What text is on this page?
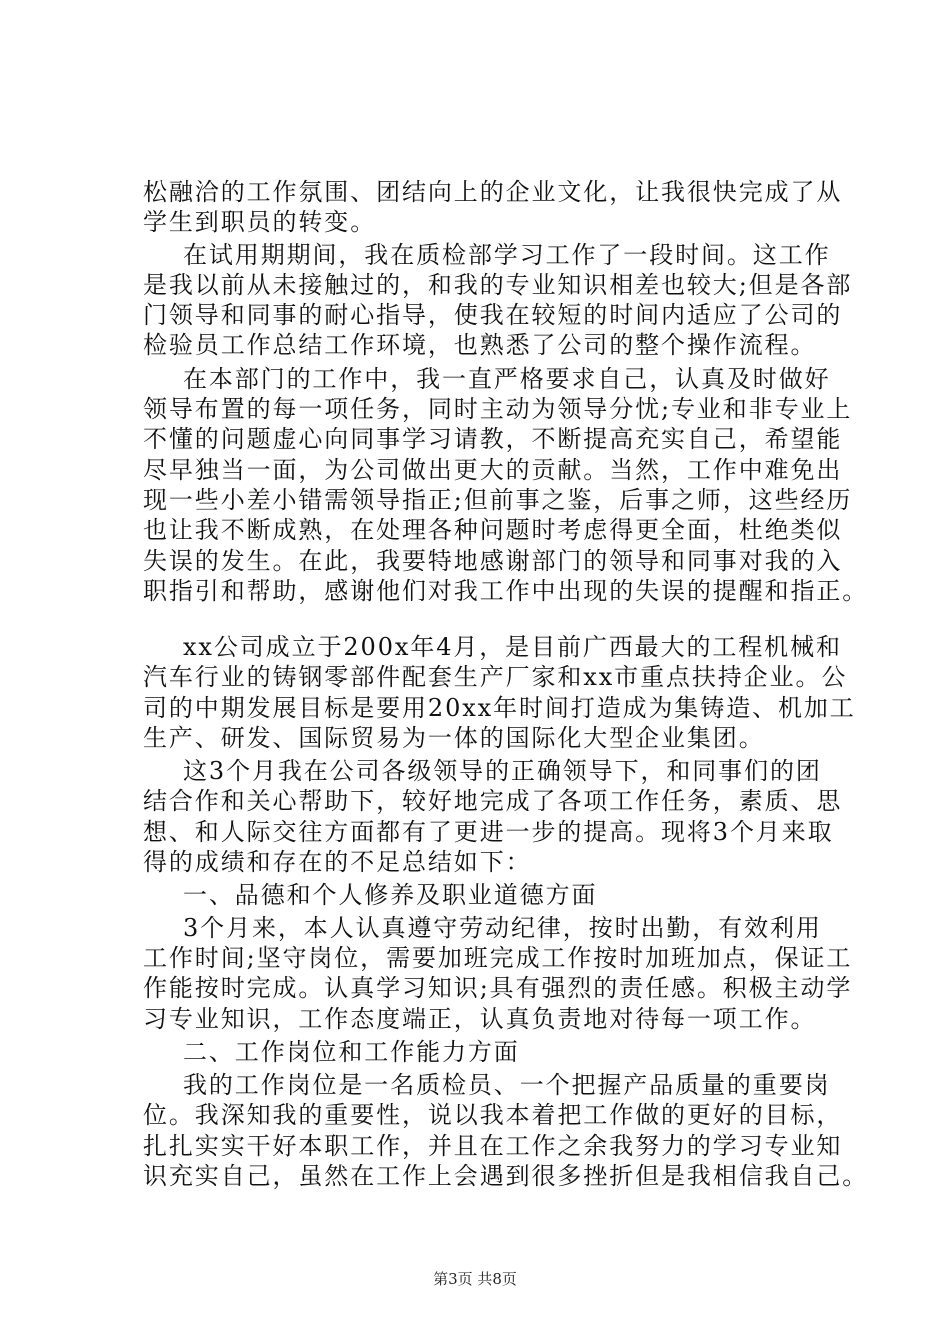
松融洽的工作氛围、团结向上的企业文化，让我很快完成了从
学生到职员的转变。
在试用期期间，我在质检部学习工作了一段时间。这工作
是我以前从未接触过的，和我的专业知识相差也较大;但是各部
门领导和同事的耐心指导，使我在较短的时间内适应了公司的
检验员工作总结工作环境，也熟悉了公司的整个操作流程。
在本部门的工作中，我一直严格要求自己，认真及时做好
领导布置的每一项任务，同时主动为领导分忧;专业和非专业上
不懂的问题虚心向同事学习请教，不断提高充实自己，希望能
尽早独当一面，为公司做出更大的贡献。当然，工作中难免出
现一些小差小错需领导指正;但前事之鉴，后事之师，这些经历
也让我不断成熟，在处理各种问题时考虑得更全面，杜绝类似
失误的发生。在此，我要特地感谢部门的领导和同事对我的入
职指引和帮助，感谢他们对我工作中出现的失误的提醒和指正。
xx公司成立于200x年4月，是目前广西最大的工程机械和
汽车行业的铸钢零部件配套生产厂家和xx市重点扶持企业。公
司的中期发展目标是要用20xx年时间打造成为集铸造、机加工
生产、研发、国际贸易为一体的国际化大型企业集团。
这3个月我在公司各级领导的正确领导下，和同事们的团
结合作和关心帮助下，较好地完成了各项工作任务，素质、思
想、和人际交往方面都有了更进一步的提高。现将3个月来取
得的成绩和存在的不足总结如下：
一、品德和个人修养及职业道德方面
3个月来，本人认真遵守劳动纪律，按时出勤，有效利用
工作时间;坚守岗位，需要加班完成工作按时加班加点，保证工
作能按时完成。认真学习知识;具有强烈的责任感。积极主动学
习专业知识，工作态度端正，认真负责地对待每一项工作。
二、工作岗位和工作能力方面
我的工作岗位是一名质检员、一个把握产品质量的重要岗
位。我深知我的重要性，说以我本着把工作做的更好的目标，
扎扎实实干好本职工作，并且在工作之余我努力的学习专业知
识充实自己，虽然在工作上会遇到很多挫折但是我相信我自己。
第3页 共8页
